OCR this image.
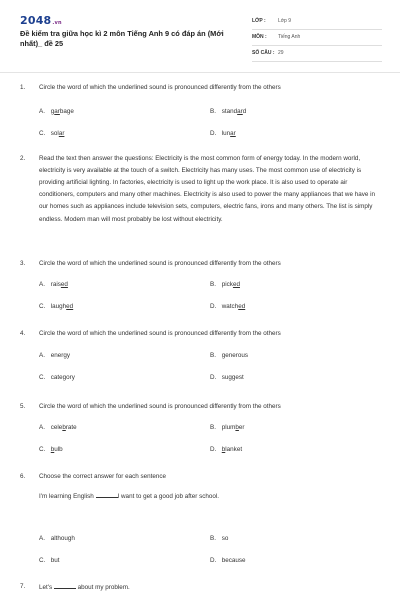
2048.vn
Đề kiểm tra giữa học kì 2 môn Tiếng Anh 9 có đáp án (Mới nhất)_ đề 25
LỚP : Lớp 9
MÔN : Tiếng Anh
SỐ CÂU : 29
1. Circle the word of which the underlined sound is pronounced differently from the others
A. garbage	B. standard
C. solar	D. lunar
2. Read the text then answer the questions: Electricity is the most common form of energy today. In the modern world, electricity is very available at the touch of a switch. Electricity has many uses. The most common use of electricity is providing artificial lighting. In factories, electricity is used to light up the work place. It is also used to operate air conditioners, computers and many other machines. Electricity is also used to power the many appliances that we have in our homes such as appliances include television sets, computers, electric fans, irons and many others. The list is simply endless. Modern man will most probably be lost without electricity.
3. Circle the word of which the underlined sound is pronounced differently from the others
A. raised	B. picked
C. laughed	D. watched
4. Circle the word of which the underlined sound is pronounced differently from the others
A. energy	B. generous
C. category	D. suggest
5. Circle the word of which the underlined sound is pronounced differently from the others
A. celebrate	B. plumber
C. bulb	D. blanket
6. Choose the correct answer for each sentence
I'm learning English	I want to get a good job after school.
A. although	B. so
C. but	D. because
7. Let's	about my problem.
